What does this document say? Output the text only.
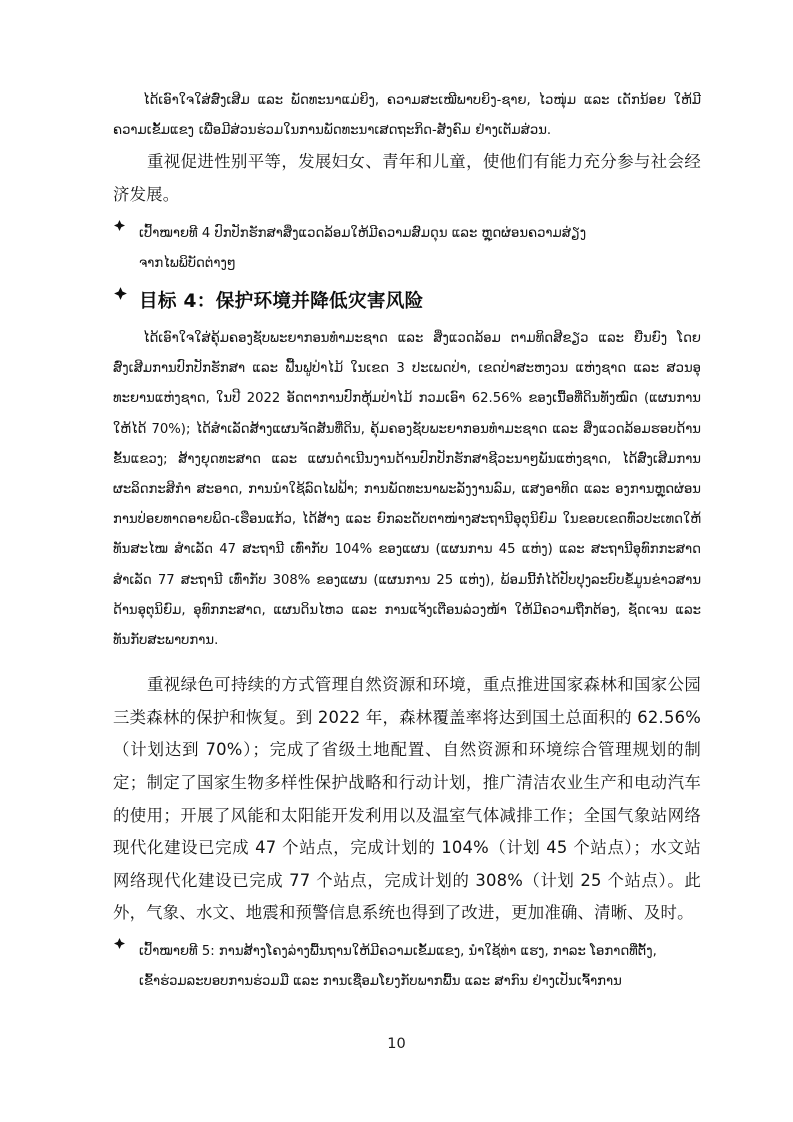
ໄດ້ເອົາໃຈໃສ່ສົ່ງເສີມ ແລະ ພັດທະນາແມ່ຍິງ, ຄວາມສະເໝີພາບຍິງ-ຊາຍ, ໄວໜຸ່ມ ແລະ ເດັກນ້ອຍ ໃຫ້ມີຄວາມເຂັ້ມແຂງ ເພື່ອມີສ່ວນຮ່ວມໃນການພັດທະນາເສດຖະກິດ-ສັງຄົມ ຢ່າງເຕັມສ່ວນ.

重视促进性别平等，发展妇女、青年和儿童，使他们有能力充分参与社会经济发展。

ເປົ້າໝາຍທີ 4 ປົກປັກຮັກສາສິ່ງແວດລ້ອມໃຫ້ມີຄວາມສົມດຸນ ແລະ ຫຼຸດຜ່ອນຄວາມສ່ຽງ
ຈາກໄພພິບັດຕ່າງໆ
目标 4：保护环境并降低灾害风险

ໄດ້ເອົາໃຈໃສ່ຄຸ້ມຄອງຊັບພະຍາກອນທຳມະຊາດ ແລະ ສິ່ງແວດລ້ອມ ຕາມທິດສີຂຽວ ແລະ ຍືນຍົງ ໂດຍສົ່ງເສີມການປົກປັກຮັກສາ ແລະ ຟື້ນຟູປ່າໄມ້ ໃນເຂດ 3 ປະເພດປ່າ, ເຂດປ່າສະຫງວນ ແຫ່ງຊາດ ແລະ ສວນອຸທະຍານແຫ່ງຊາດ, ໃນປີ 2022 ອັດຕາການປົກຫຸ້ມປ່າໄມ້ ກວມເອົາ 62.56% ຂອງເນື້ອທີ່ດິນທັງໝົດ (ແຜນການ ໃຫ້ໄດ້ 70%); ໄດ້ສຳເລັດສ້າງແຜນຈັດສັນທີ່ດິນ, ຄຸ້ມຄອງຊັບພະຍາກອນທຳມະຊາດ ແລະ ສິ່ງແວດລ້ອມຮອບດ້ານ ຂັ້ນແຂວງ; ສ້າງຍຸດທະສາດ ແລະ ແຜນດຳເນີນງານດ້ານປົກປັກຮັກສາຊີວະນາໆພັນແຫ່ງຊາດ, ໄດ້ສົ່ງເສີມການຜະລິດກະສິກຳ ສະອາດ, ການນຳໃຊ້ລົດໄຟຟ້າ; ການພັດທະນາພະລັງງານລົມ, ແສງອາທິດ ແລະ ອງການຫຼຸດຜ່ອນການປ່ອຍທາດອາຍພິດ-ເຮືອນແກ້ວ, ໄດ້ສ້າງ ແລະ ຍົກລະດັບຕາໜ່າງສະຖານີອຸຕຸນິຍົມ ໃນຂອບເຂດທົ່ວປະເທດໃຫ້ທັນສະໄໝ ສຳເລັດ 47 ສະຖານີ ເທົ່າກັບ 104% ຂອງແຜນ (ແຜນການ 45 ແຫ່ງ) ແລະ ສະຖານີອຸທົກກະສາດ ສຳເລັດ 77 ສະຖານີ ເທົ່າກັບ 308% ຂອງແຜນ (ແຜນການ 25 ແຫ່ງ), ພ້ອມນີ້ກໍ່ໄດ້ປັບປຸງລະບົບຂໍ້ມູນຂ່າວສານດ້ານອຸຕຸນິຍົມ, ອຸທົກກະສາດ, ແຜນດິນໄຫວ ແລະ ການແຈ້ງເຕືອນລ່ວງໜ້າ ໃຫ້ມີຄວາມຖືກຕ້ອງ, ຊັດເຈນ ແລະ ທັນກັບສະພາບການ.

重视绿色可持续的方式管理自然资源和环境，重点推进国家森林和国家公园三类森林的保护和恢复。到 2022 年，森林覆盖率将达到国土总面积的 62.56%（计划达到 70%）；完成了省级土地配置、自然资源和环境综合管理规划的制定；制定了国家生物多样性保护战略和行动计划，推广清洁农业生产和电动汽车的使用；开展了风能和太阳能开发利用以及温室气体减排工作；全国气象站网络现代化建设已完成 47 个站点，完成计划的 104%（计划 45 个站点）；水文站网络现代化建设已完成 77 个站点，完成计划的 308%（计划 25 个站点）。此外，气象、水文、地震和预警信息系统也得到了改进，更加准确、清晰、及时。

ເປົ້າໝາຍທີ 5: ການສ້າງໂຄງລ່າງພື້ນຖານໃຫ້ມີຄວາມເຂັ້ມແຂງ, ນຳໃຊ້ທ່າ ແຮງ, ກາລະ ໂອກາດທີ່ຕັ້ງ,
ເຂົ້າຮ່ວມລະບອບການຮ່ວມມື ແລະ ການເຊື່ອມໂຍງກັບພາກພື້ນ ແລະ ສາກົນ ຢ່າງເປັນເຈົ້າການ
10
